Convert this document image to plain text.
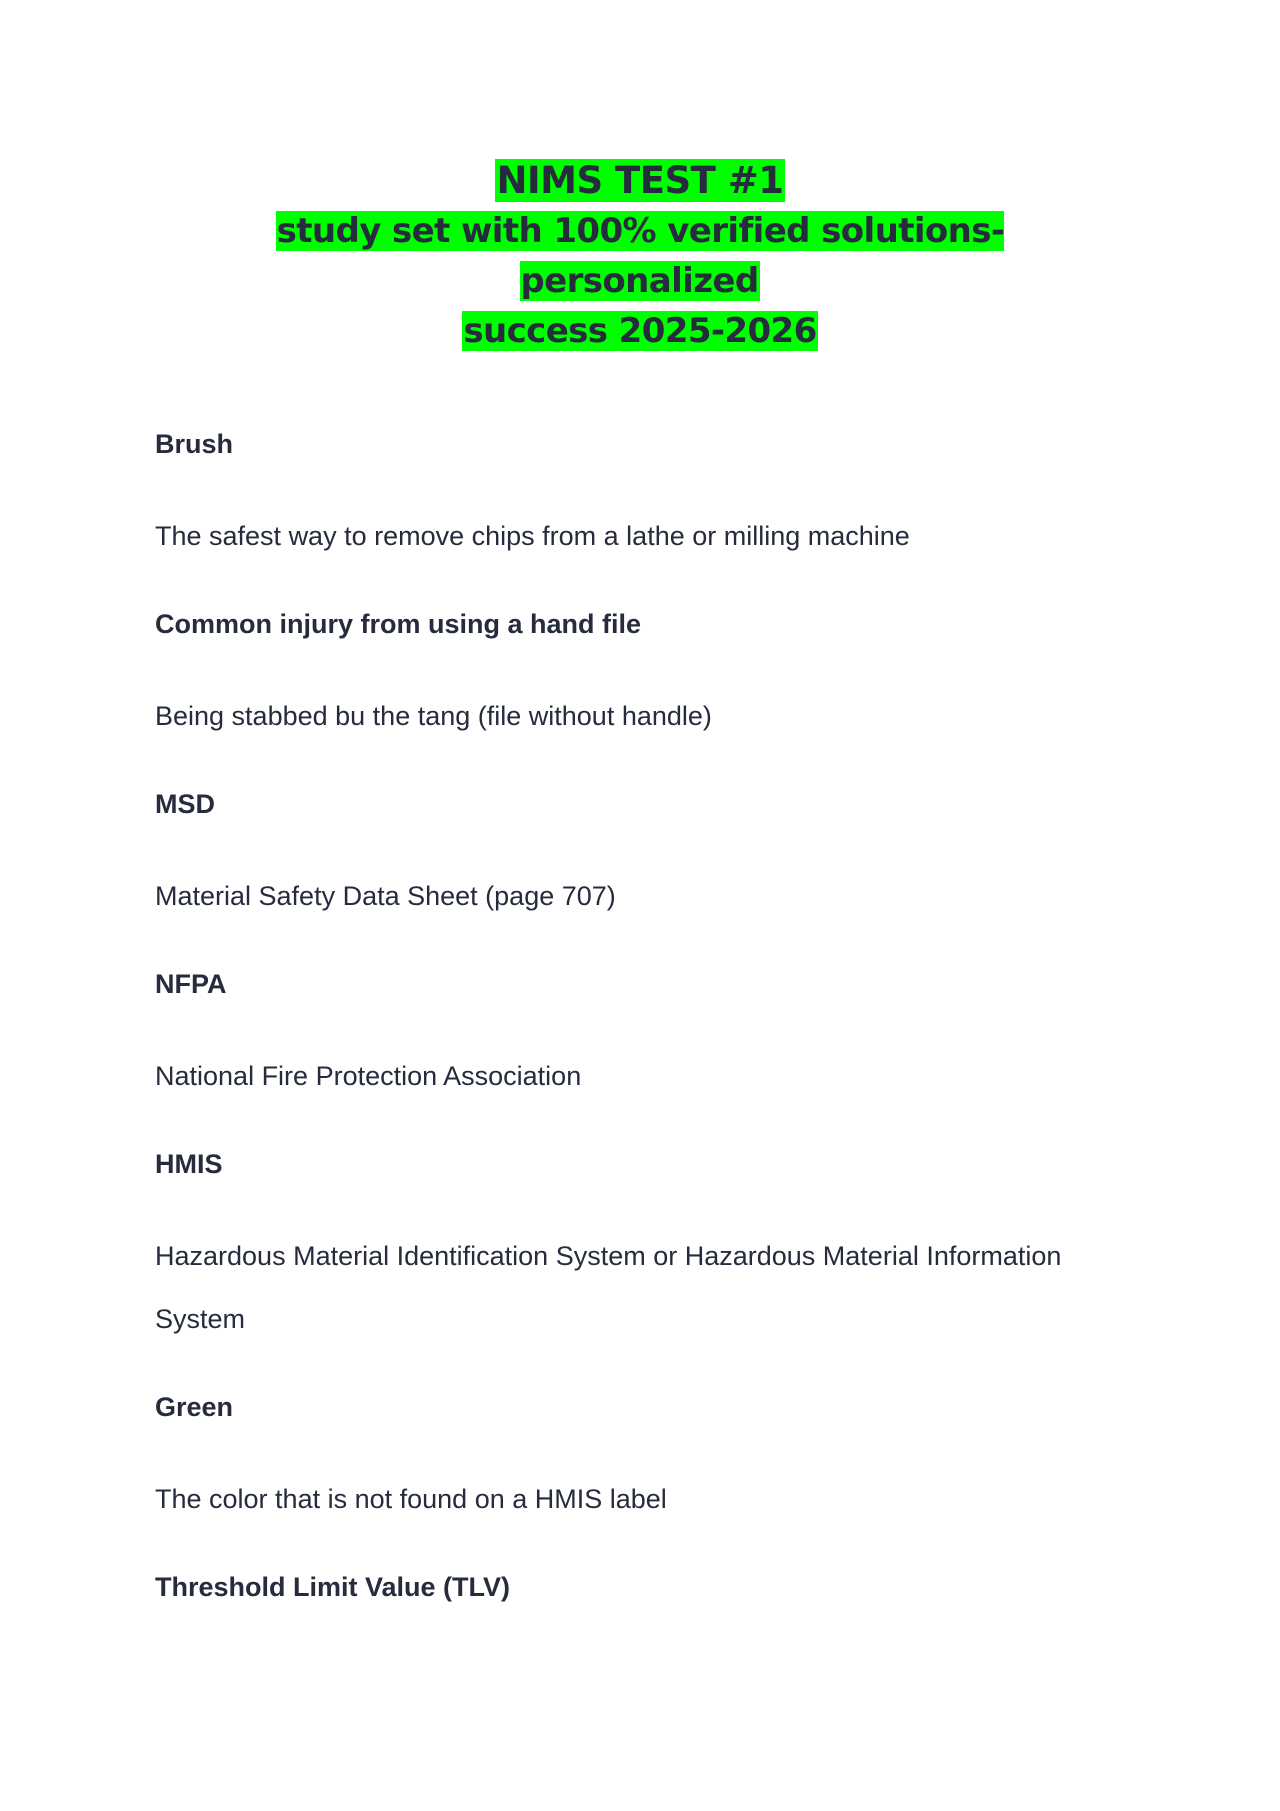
NIMS TEST #1
study set with 100% verified solutions-personalized
success 2025-2026

Brush

The safest way to remove chips from a lathe or milling machine

Common injury from using a hand file

Being stabbed bu the tang (file without handle)

MSD

Material Safety Data Sheet (page 707)

NFPA

National Fire Protection Association

HMIS

Hazardous Material Identification System or Hazardous Material Information System

Green

The color that is not found on a HMIS label

Threshold Limit Value (TLV)
